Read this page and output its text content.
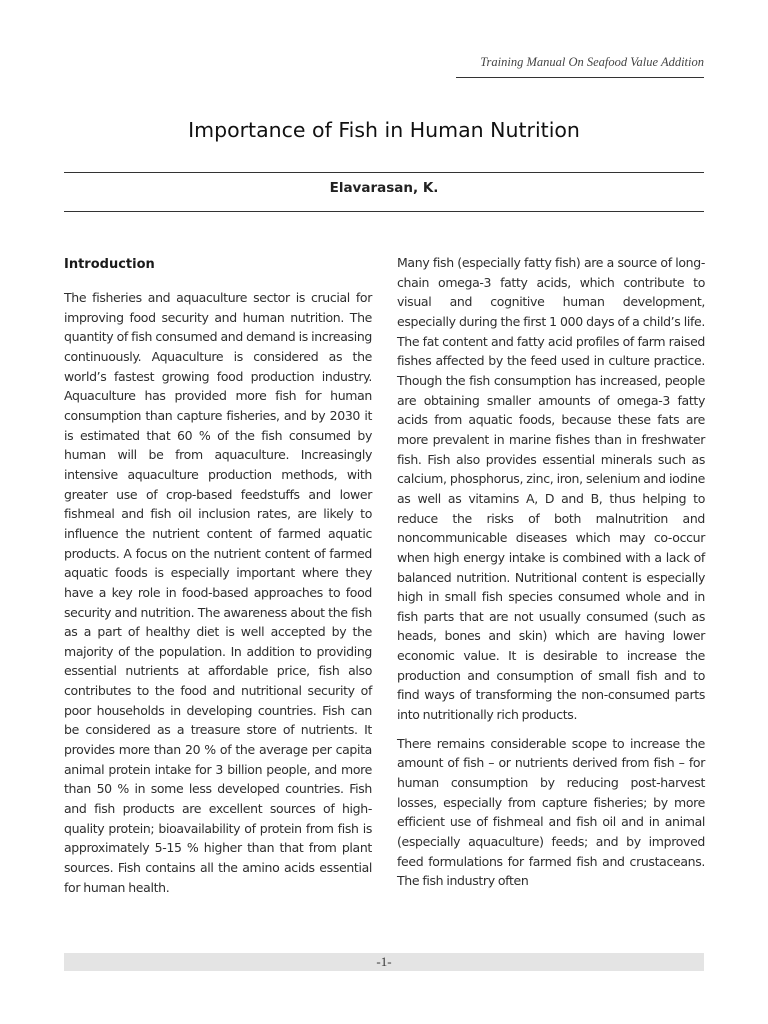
Training Manual On Seafood Value Addition
Importance of Fish in Human Nutrition
Elavarasan, K.
Introduction

The fisheries and aquaculture sector is crucial for improving food security and human nutrition. The quantity of fish consumed and demand is increasing continuously. Aquaculture is considered as the world’s fastest growing food production industry. Aquaculture has provided more fish for human consumption than capture fisheries, and by 2030 it is estimated that 60 % of the fish consumed by human will be from aquaculture. Increasingly intensive aquaculture production methods, with greater use of crop-based feedstuffs and lower fishmeal and fish oil inclusion rates, are likely to influence the nutrient content of farmed aquatic products. A focus on the nutrient content of farmed aquatic foods is especially important where they have a key role in food-based approaches to food security and nutrition. The awareness about the fish as a part of healthy diet is well accepted by the majority of the population. In addition to providing essential nutrients at affordable price, fish also contributes to the food and nutritional security of poor households in developing countries. Fish can be considered as a treasure store of nutrients. It provides more than 20 % of the average per capita animal protein intake for 3 billion people, and more than 50 % in some less developed countries. Fish and fish products are excellent sources of high-quality protein; bioavailability of protein from fish is approximately 5-15 % higher than that from plant sources. Fish contains all the amino acids essential for human health.

Many fish (especially fatty fish) are a source of long-chain omega-3 fatty acids, which contribute to visual and cognitive human development, especially during the first 1 000 days of a child’s life. The fat content and fatty acid profiles of farm raised fishes affected by the feed used in culture practice. Though the fish consumption has increased, people are obtaining smaller amounts of omega-3 fatty acids from aquatic foods, because these fats are more prevalent in marine fishes than in freshwater fish. Fish also provides essential minerals such as calcium, phosphorus, zinc, iron, selenium and iodine as well as vitamins A, D and B, thus helping to reduce the risks of both malnutrition and noncommunicable diseases which may co-occur when high energy intake is combined with a lack of balanced nutrition. Nutritional content is especially high in small fish species consumed whole and in fish parts that are not usually consumed (such as heads, bones and skin) which are having lower economic value. It is desirable to increase the production and consumption of small fish and to find ways of transforming the non-consumed parts into nutritionally rich products.

There remains considerable scope to increase the amount of fish – or nutrients derived from fish – for human consumption by reducing post-harvest losses, especially from capture fisheries; by more efficient use of fishmeal and fish oil and in animal (especially aquaculture) feeds; and by improved feed formulations for farmed fish and crustaceans. The fish industry often

-1-
